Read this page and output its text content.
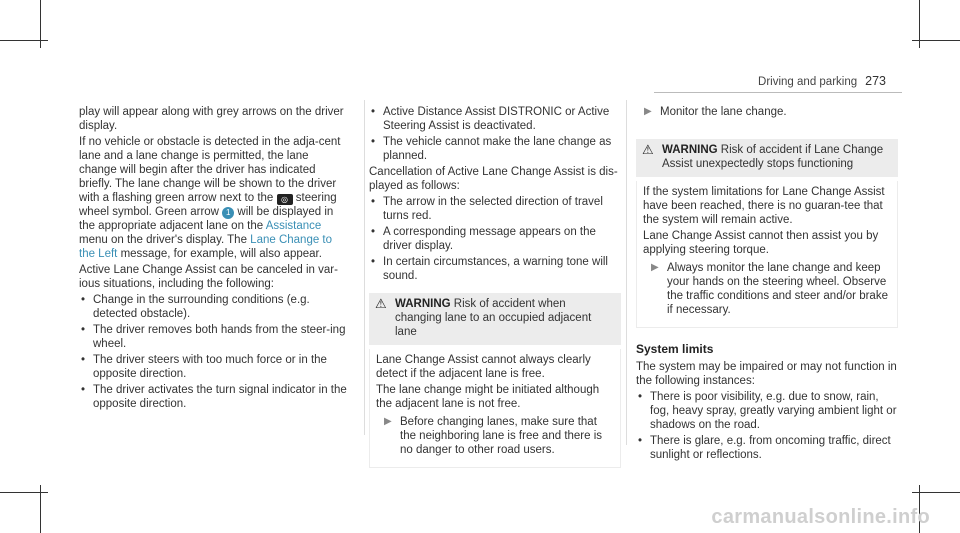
Driving and parking 273

play will appear along with grey arrows on the driver display.

If no vehicle or obstacle is detected in the adja-cent lane and a lane change is permitted, the lane change will begin after the driver has indicated briefly. The lane change will be shown to the driver with a flashing green arrow next to the ◎ steering wheel symbol. Green arrow 1 will be displayed in the appropriate adjacent lane on the Assistance menu on the driver's display. The Lane Change to the Left message, for example, will also appear.

Active Lane Change Assist can be canceled in var-ious situations, including the following:

• Change in the surrounding conditions (e.g. detected obstacle).
• The driver removes both hands from the steer-ing wheel.
• The driver steers with too much force or in the opposite direction.
• The driver activates the turn signal indicator in the opposite direction.
• Active Distance Assist DISTRONIC or Active Steering Assist is deactivated.
• The vehicle cannot make the lane change as planned.

Cancellation of Active Lane Change Assist is dis-played as follows:

• The arrow in the selected direction of travel turns red.
• A corresponding message appears on the driver display.
• In certain circumstances, a warning tone will sound.
⚠ WARNING Risk of accident when changing lane to an occupied adjacent lane

Lane Change Assist cannot always clearly detect if the adjacent lane is free.

The lane change might be initiated although the adjacent lane is not free.

▶ Before changing lanes, make sure that the neighboring lane is free and there is no danger to other road users.
▶ Monitor the lane change.
⚠ WARNING Risk of accident if Lane Change Assist unexpectedly stops functioning

If the system limitations for Lane Change Assist have been reached, there is no guaran-tee that the system will remain active.

Lane Change Assist cannot then assist you by applying steering torque.

▶ Always monitor the lane change and keep your hands on the steering wheel. Observe the traffic conditions and steer and/or brake if necessary.
System limits

The system may be impaired or may not function in the following instances:

• There is poor visibility, e.g. due to snow, rain, fog, heavy spray, greatly varying ambient light or shadows on the road.
• There is glare, e.g. from oncoming traffic, direct sunlight or reflections.
carmanualsonline.info
